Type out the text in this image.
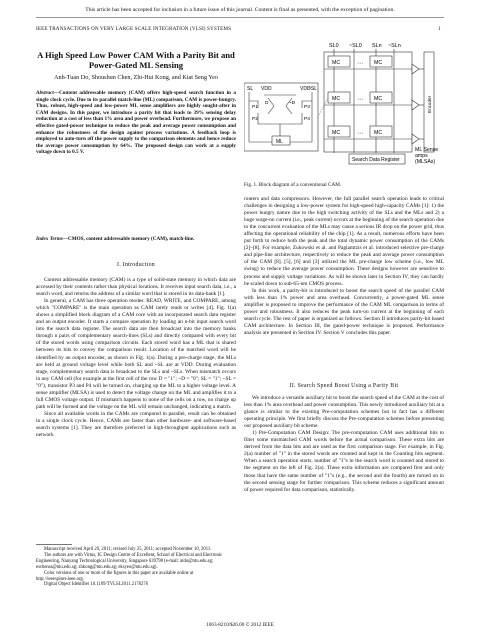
This article has been accepted for inclusion in a future issue of this journal. Content is final as presented, with the exception of pagination.
IEEE TRANSACTIONS ON VERY LARGE SCALE INTEGRATION (VLSI) SYSTEMS	1
A High Speed Low Power CAM With a Parity Bit and Power-Gated ML Sensing
Anh-Tuan Do, Shoushun Chen, Zhi-Hui Kong, and Kiat Seng Yeo
Abstract—Content addressable memory (CAM) offers high-speed search function in a single clock cycle. Due to its parallel match-line (ML) comparison, CAM is power-hungry. Thus, robust, high-speed and low-power ML sense amplifiers are highly sought-after in CAM designs. In this paper, we introduce a parity bit that leads to 39% sensing delay reduction at a cost of less than 1% area and power overhead. Furthermore, we propose an effective gated-power technique to reduce the peak and average power consumption and enhance the robustness of the design against process variations. A feedback loop is employed to auto-turn off the power supply to the comparison elements and hence reduce the average power consumption by 64%. The proposed design can work at a supply voltage down to 0.5 V.
Index Terms—CMOS, content addressable memory (CAM), match-line.
I. Introduction

Content addressable memory (CAM) is a type of solid-state memory in which data are accessed by their contents rather than physical locations. It receives input search data, i.e., a search word, and returns the address of a similar word that is stored in its data-bank [1].

In general, a CAM has three operation modes: READ, WRITE, and COMPARE, among which "COMPARE" is the main operation as CAM rarely reads or writes [4]. Fig. 1(a) shows a simplified block diagram of a CAM core with an incorporated search data register and an output encoder. It starts a compare operation by loading an n-bit input search word into the search data register. The search data are then broadcast into the memory banks through n pairs of complementary search-lines (SLs) and directly compared with every bit of the stored words using comparison circuits. Each stored word has a ML that is shared between its bits to convey the comparison result. Location of the matched word will be identified by an output encoder, as shown in Fig. 1(a). During a pre-charge stage, the MLs are held at ground voltage level while both SL and ~SL are at VDD. During evaluation stage, complementary search data is broadcast to the SLs and ~SLs. When mismatch occurs in any CAM cell (for example at the first cell of the row D = "1"; ~D = "0"; SL = "1"; ~SL = "0"), transistor P3 and P4 will be turned on, charging up the ML to a higher voltage level. A sense amplifier (MLSA) is used to detect the voltage change on the ML and amplifies it to a full CMOS voltage output. If mismatch happens to none of the cells on a row, no charge up path will be formed and the voltage on the ML will remain unchanged, indicating a match.

Since all available words in the CAMs are compared in parallel, result can be obtained in a single clock cycle. Hence, CAMs are faster than other hardware- and software-based search systems [1]. They are therefore preferred in high-throughput applications such as network

Manuscript received April 29, 2011; revised July 25, 2011; accepted November 10, 2011.
The authors are with Virtus, IC Design Centre of Excellent, School of Electrical and Electronic Engineering, Nanyang Technological University, Singapore 639798 (e-mail: atdo@ntu.edu.sg; eschenss@ntu.edu.sg; zhkong@ntu.edu.sg; eksyeo@ntu.edu.sg).
Color versions of one or more of the figures in this paper are available online at http://ieeexplore.ieee.org.
Digital Object Identifier 10.1109/TVLSI.2011.2178276
SL0 ~SL0 SLn ~SLn
MC	MC
MC	MC
MC	MC
⋯
⋯
⋯
Encoder
Search Data Register
ML Sense amps (MLSAs)
SL VDD	VDD
~SL
P1	P3
P2	P4
D	~D
ML
Fig. 1. Block diagram of a conventional CAM.

routers and data compressors. However, the full parallel search operation leads to critical challenges in designing a low-power system for high-speed high-capacity CAMs [1]: 1) the power hungry nature due to the high switching activity of the SLs and the MLs and 2) a huge surge-on current (i.e., peak current) occurs at the beginning of the search operation due to the concurrent evaluation of the MLs may cause a serious IR drop on the power grid, thus affecting the operational reliability of the chip [1]. As a result, numerous efforts have been put forth to reduce both the peak and the total dynamic power consumption of the CAMs [2]–[8]. For example, Zukowski et al. and Pagiamtzis et al. introduced selective pre-charge and pipe-line architecture, respectively to reduce the peak and average power consumption of the CAM [8]. [5], [6] and [3] utilized the ML pre-charge low scheme (i.e., low ML swing) to reduce the average power consumption. These designs however are sensitive to process and supply voltage variations. As will be shown later in Section IV, they can hardly be scaled down to sub-65-nm CMOS process.

In this work, a parity-bit is introduced to boost the search speed of the parallel CAM with less than 1% power and area overhead. Concurrently, a power-gated ML sense amplifier is proposed to improve the performance of the CAM ML comparison in terms of power and robustness. It also reduces the peak turn-on current at the beginning of each search cycle. The rest of paper is organized as follows. Section II introduces parity-bit based CAM architecture. In Section III, the gated-power technique is proposed. Performance analysis are presented in Section IV. Section V concludes this paper.

II. Search Speed Boost Using a Parity Bit

We introduce a versatile auxiliary bit to boost the search speed of the CAM at the cost of less than 1% area overhead and power consumption. This newly introduced auxiliary bit at a glance is similar to the existing Pre-computation schemes but in fact has a different operating principle. We first briefly discuss the Pre-computation schemes before presenting our proposed auxiliary bit scheme.

1) Pre-Computation CAM Design: The pre-computation CAM uses additional bits to filter some mismatched CAM words before the actual comparison. These extra bits are derived from the data bits and are used as the first comparison stage. For example, in Fig. 2(a) number of "1" in the stored words are counted and kept in the Counting bits segment. When a search operation starts, number of "1"s in the search word is counted and stored to the segment on the left of Fig. 2(a). These extra information are compared first and only those that have the same number of "1"s (e.g., the second and the fourth) are turned on in the second sensing stage for further comparison. This scheme reduces a significant amount of power required for data comparison, statistically.

1063-8210/$26.00 © 2012 IEEE
